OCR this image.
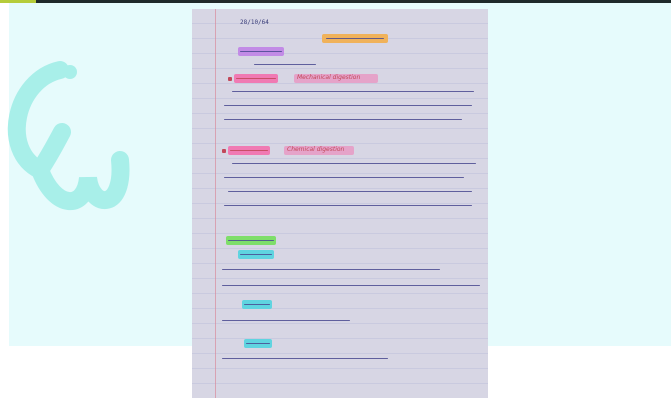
28/10/64
Mechanical digestion
Chemical digestion
